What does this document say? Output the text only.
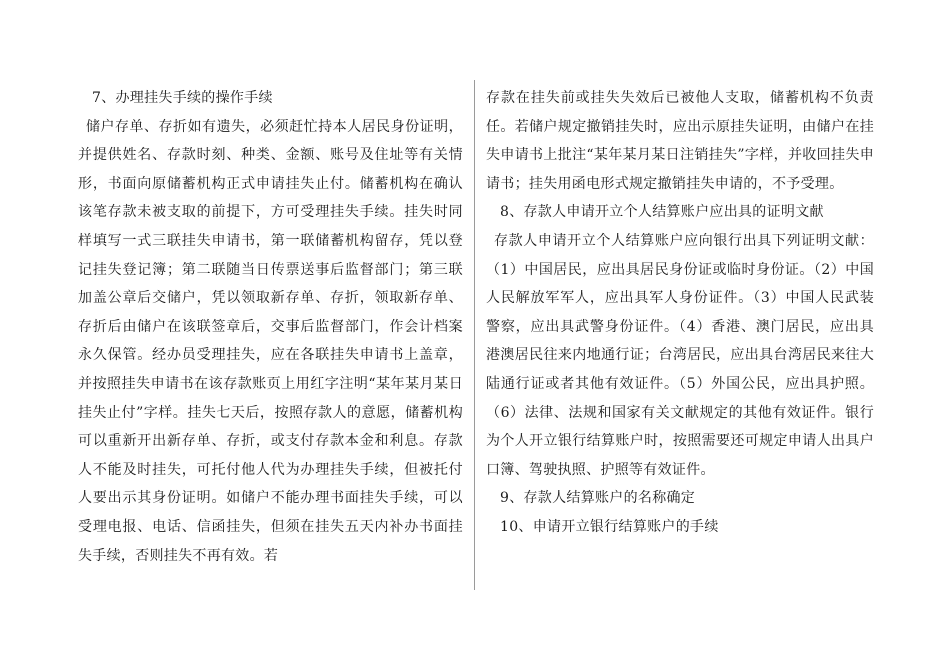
7、办理挂失手续的操作手续

储户存单、存折如有遗失，必须赶忙持本人居民身份证明，并提供姓名、存款时刻、种类、金额、账号及住址等有关情形，书面向原储蓄机构正式申请挂失止付。储蓄机构在确认该笔存款未被支取的前提下，方可受理挂失手续。挂失时同样填写一式三联挂失申请书，第一联储蓄机构留存，凭以登记挂失登记簿；第二联随当日传票送事后监督部门；第三联加盖公章后交储户，凭以领取新存单、存折，领取新存单、存折后由储户在该联签章后，交事后监督部门，作会计档案永久保管。经办员受理挂失，应在各联挂失申请书上盖章，并按照挂失申请书在该存款账页上用红字注明“某年某月某日挂失止付”字样。挂失七天后，按照存款人的意愿，储蓄机构可以重新开出新存单、存折，或支付存款本金和利息。存款人不能及时挂失，可托付他人代为办理挂失手续，但被托付人要出示其身份证明。如储户不能办理书面挂失手续，可以受理电报、电话、信函挂失，但须在挂失五天内补办书面挂失手续，否则挂失不再有效。若

存款在挂失前或挂失失效后已被他人支取，储蓄机构不负责任。若储户规定撤销挂失时，应出示原挂失证明，由储户在挂失申请书上批注“某年某月某日注销挂失”字样，并收回挂失申请书；挂失用函电形式规定撤销挂失申请的，不予受理。

8、存款人申请开立个人结算账户应出具的证明文献

存款人申请开立个人结算账户应向银行出具下列证明文献：（1）中国居民，应出具居民身份证或临时身份证。（2）中国人民解放军军人，应出具军人身份证件。（3）中国人民武装警察，应出具武警身份证件。（4）香港、澳门居民，应出具港澳居民往来内地通行证；台湾居民，应出具台湾居民来往大陆通行证或者其他有效证件。（5）外国公民，应出具护照。（6）法律、法规和国家有关文献规定的其他有效证件。银行为个人开立银行结算账户时，按照需要还可规定申请人出具户口簿、驾驶执照、护照等有效证件。

9、存款人结算账户的名称确定

10、申请开立银行结算账户的手续
